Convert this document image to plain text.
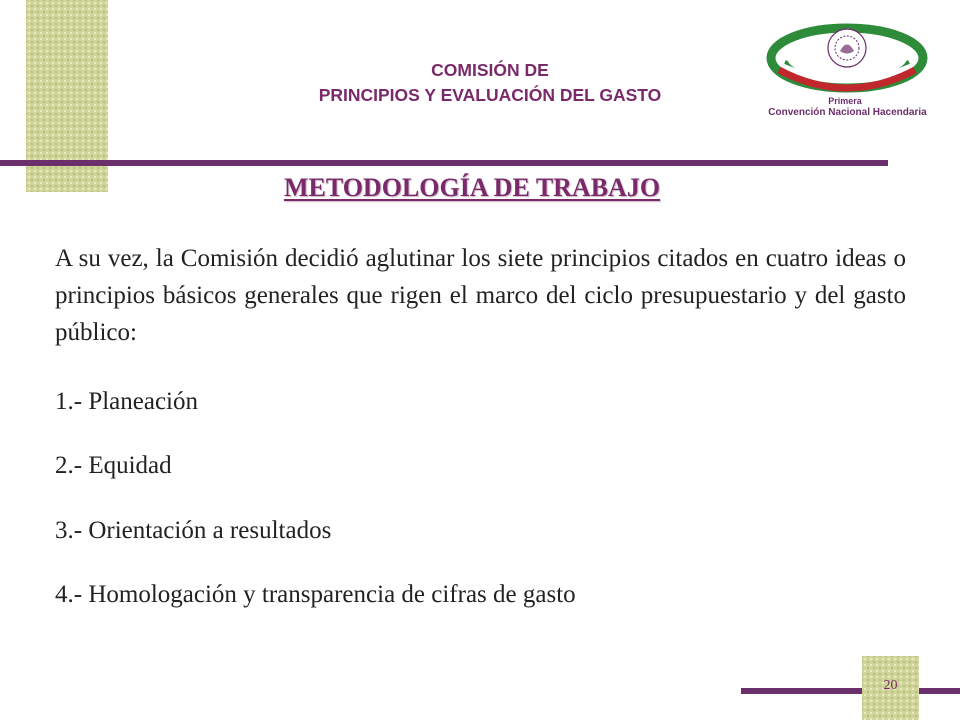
COMISIÓN DE
PRINCIPIOS Y EVALUACIÓN DEL GASTO	Primera
Convención Nacional Hacendaria
METODOLOGÍA DE TRABAJO
A su vez, la Comisión decidió aglutinar los siete principios citados en cuatro ideas o principios básicos generales que rigen el marco del ciclo presupuestario y del gasto público:
1.- Planeación
2.- Equidad
3.- Orientación a resultados
4.- Homologación y transparencia de cifras de gasto
20
